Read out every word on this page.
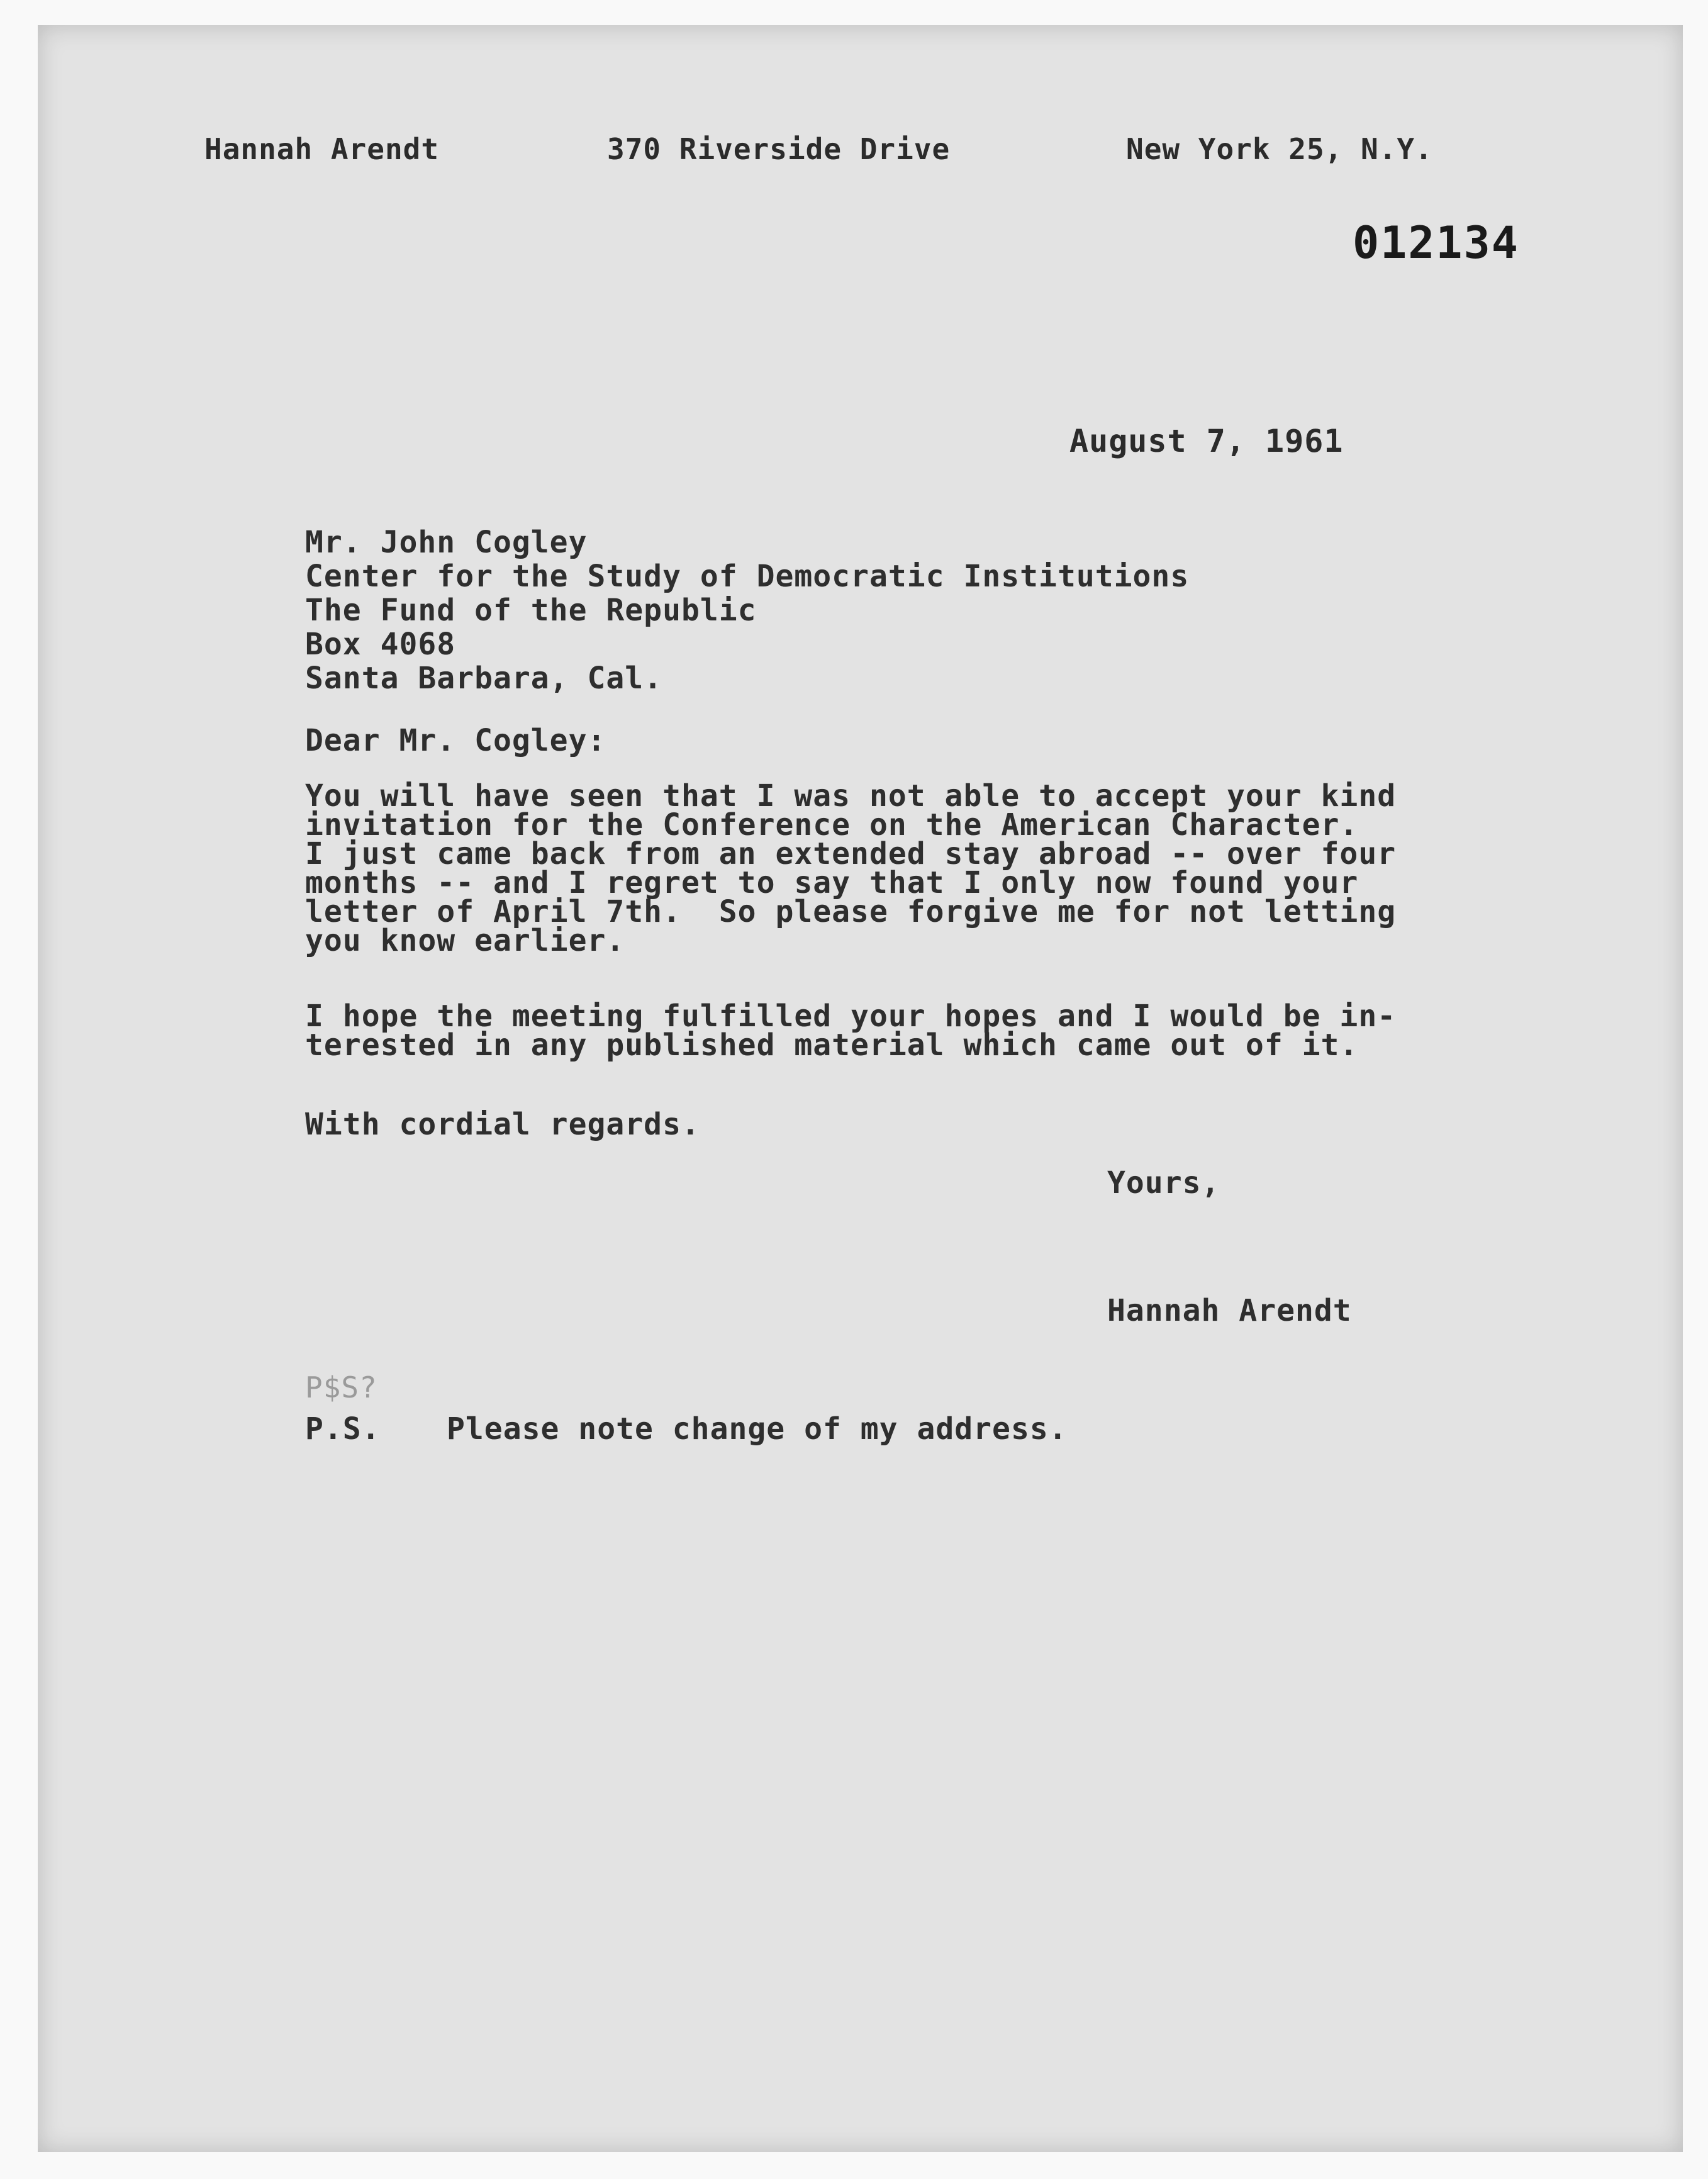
Hannah Arendt	370 Riverside Drive	New York 25, N.Y.
012134
August 7, 1961
Mr. John Cogley
Center for the Study of Democratic Institutions
The Fund of the Republic
Box 4068
Santa Barbara, Cal.
Dear Mr. Cogley:
You will have seen that I was not able to accept your kind
invitation for the Conference on the American Character.
I just came back from an extended stay abroad -- over four
months -- and I regret to say that I only now found your
letter of April 7th.  So please forgive me for not letting
you know earlier.
I hope the meeting fulfilled your hopes and I would be in-
terested in any published material which came out of it.
With cordial regards.
Yours,
Hannah Arendt
P$S?
P.S. Please note change of my address.
